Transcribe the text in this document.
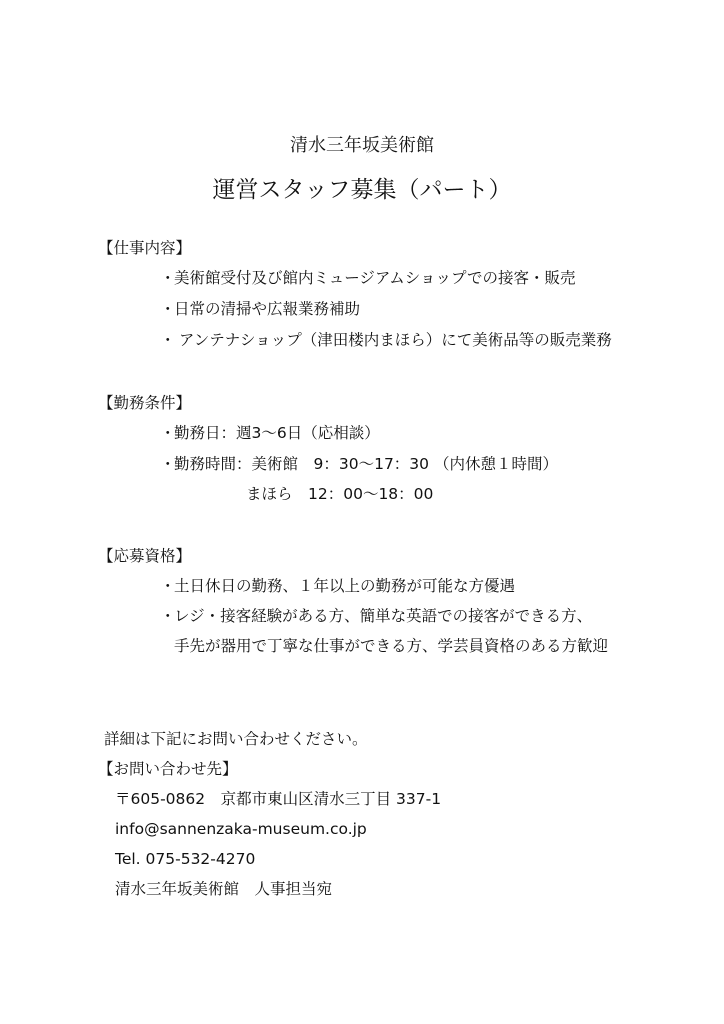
清水三年坂美術館
運営スタッフ募集（パート）
【仕事内容】
・美術館受付及び館内ミュージアムショップでの接客・販売
・日常の清掃や広報業務補助
・ アンテナショップ（津田楼内まほら）にて美術品等の販売業務
【勤務条件】
・勤務日：週3～6日（応相談）
・勤務時間：美術館　9：30～17：30 （内休憩１時間）
まほら　12：00～18：00
【応募資格】
・土日休日の勤務、１年以上の勤務が可能な方優遇
・レジ・接客経験がある方、簡単な英語での接客ができる方、
手先が器用で丁寧な仕事ができる方、学芸員資格のある方歓迎
詳細は下記にお問い合わせください。
【お問い合わせ先】
〒605-0862　京都市東山区清水三丁目 337-1
info@sannenzaka-museum.co.jp
Tel. 075-532-4270
清水三年坂美術館　人事担当宛
